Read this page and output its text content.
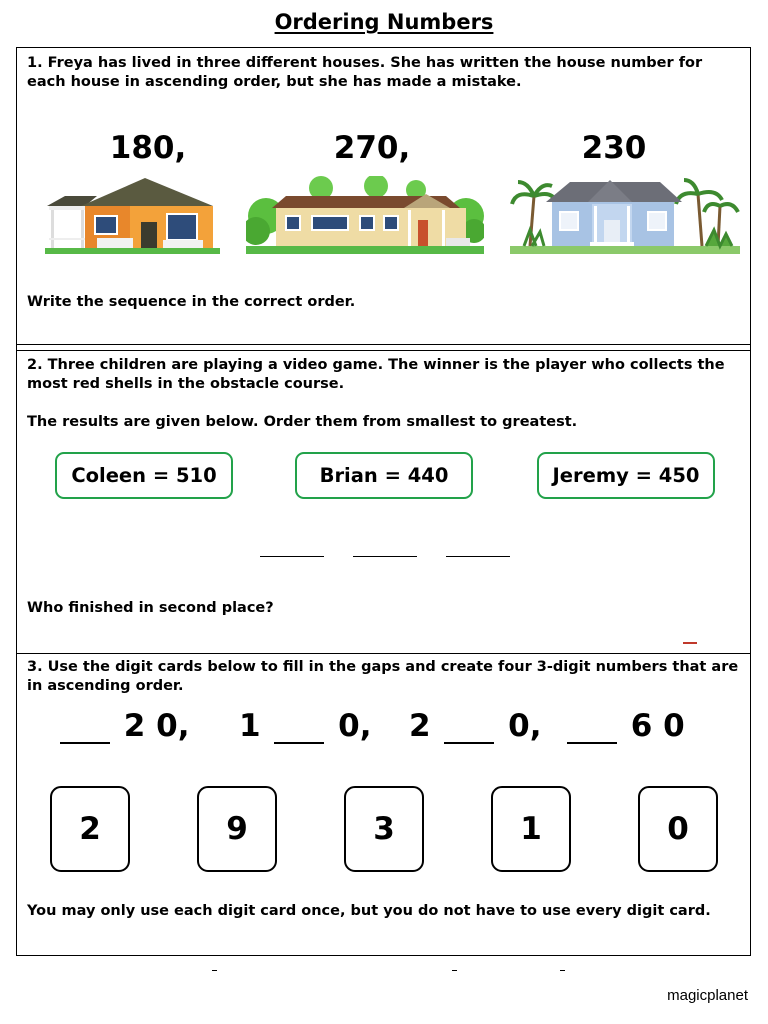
Ordering Numbers

1. Freya has lived in three different houses. She has written the house number for each house in ascending order, but she has made a mistake.

180,	270,	230

Write the sequence in the correct order.

2. Three children are playing a video game. The winner is the player who collects the most red shells in the obstacle course.

The results are given below. Order them from smallest to greatest.

Coleen = 510	Brian = 440	Jeremy = 450

Who finished in second place?

3. Use the digit cards below to fill in the gaps and create four 3-digit numbers that are in ascending order.

2 0, 1 0, 2 0,	6 0
2	9	3	1	0

You may only use each digit card once, but you do not have to use every digit card.

magicplanet
